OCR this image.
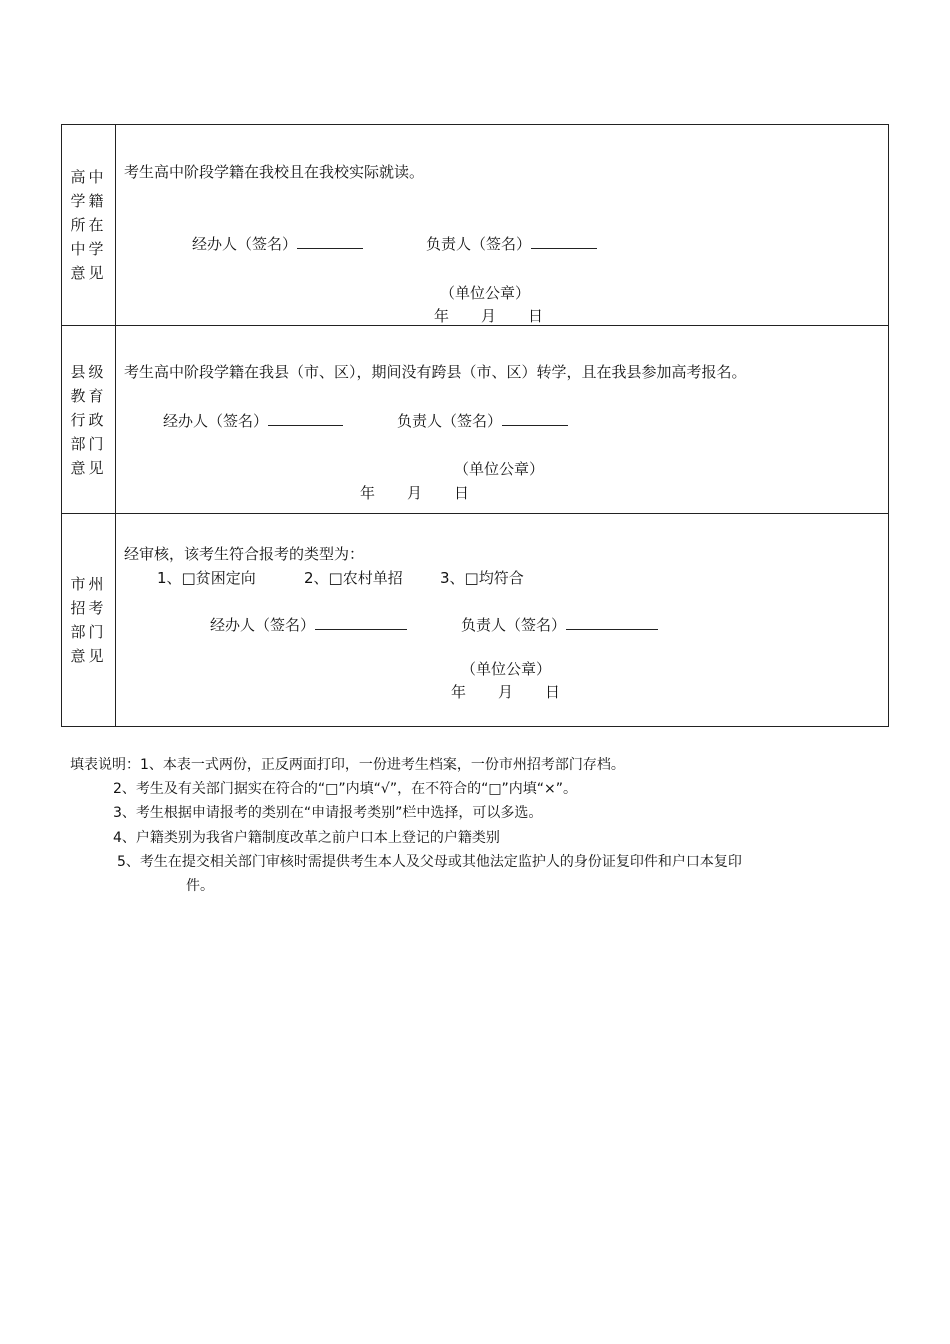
高中学籍所在中学意见
考生高中阶段学籍在我校且在我校实际就读。
经办人（签名）	负责人（签名）
（单位公章）
年 月 日
县级教育行政部门意见
考生高中阶段学籍在我县（市、区），期间没有跨县（市、区）转学，且在我县参加高考报名。
经办人（签名）	负责人（签名）
（单位公章）
年 月 日
市州招考部门意见
经审核，该考生符合报考的类型为：
1、□贫困定向	2、□农村单招 3、□均符合
经办人（签名）	负责人（签名）
（单位公章）
年 月 日
填表说明：1、本表一式两份，正反两面打印，一份进考生档案，一份市州招考部门存档。
2、考生及有关部门据实在符合的“□”内填“√”，在不符合的“□”内填“×”。
3、考生根据申请报考的类别在“申请报考类别”栏中选择，可以多选。
4、户籍类别为我省户籍制度改革之前户口本上登记的户籍类别
5、考生在提交相关部门审核时需提供考生本人及父母或其他法定监护人的身份证复印件和户口本复印
件。
